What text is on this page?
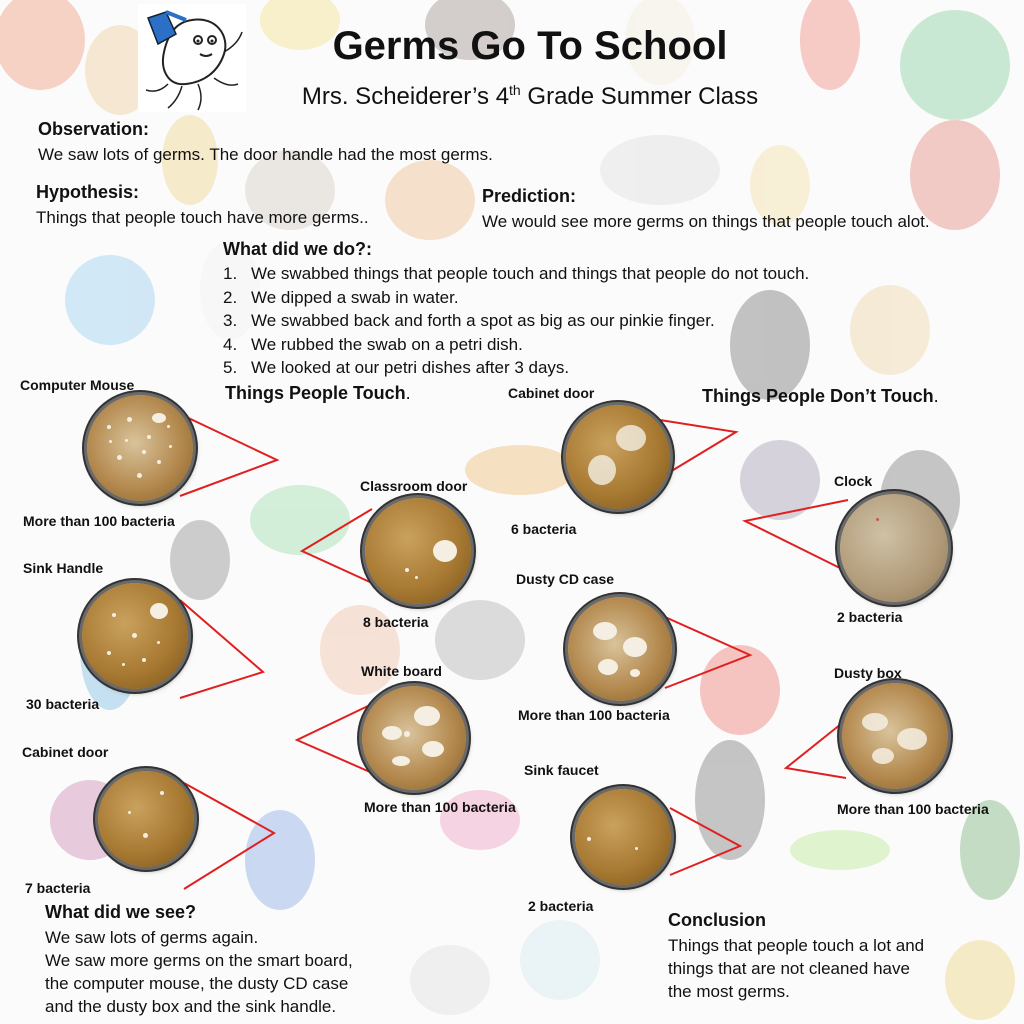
Germs Go To School
Mrs. Scheiderer’s 4th Grade Summer Class
Observation:
We saw lots of germs. The door handle had the most germs.
Hypothesis:
Things that people touch have more germs..
Prediction:
We would see more germs on things that people touch alot.
What did we do?:
1. We swabbed things that people touch and things that people do not touch.
2. We dipped a swab in water.
3. We swabbed back and forth a spot as big as our pinkie finger.
4. We rubbed the swab on a petri dish.
5. We looked at our petri dishes after 3 days.
Things People Touch.	Things People Don’t Touch.
Computer Mouse
More than 100 bacteria
Sink Handle
30 bacteria
Cabinet door
7 bacteria
Classroom door
8 bacteria
White board
More than 100 bacteria
Cabinet door
6 bacteria
Dusty CD case
More than 100 bacteria
Sink faucet
2 bacteria
Clock
2 bacteria
Dusty box
More than 100 bacteria
What did we see?
We saw lots of germs again.
We saw more germs on the smart board,
the computer mouse, the dusty CD case
and the dusty box and the sink handle.
Conclusion
Things that people touch a lot and
things that are not cleaned have
the most germs.
